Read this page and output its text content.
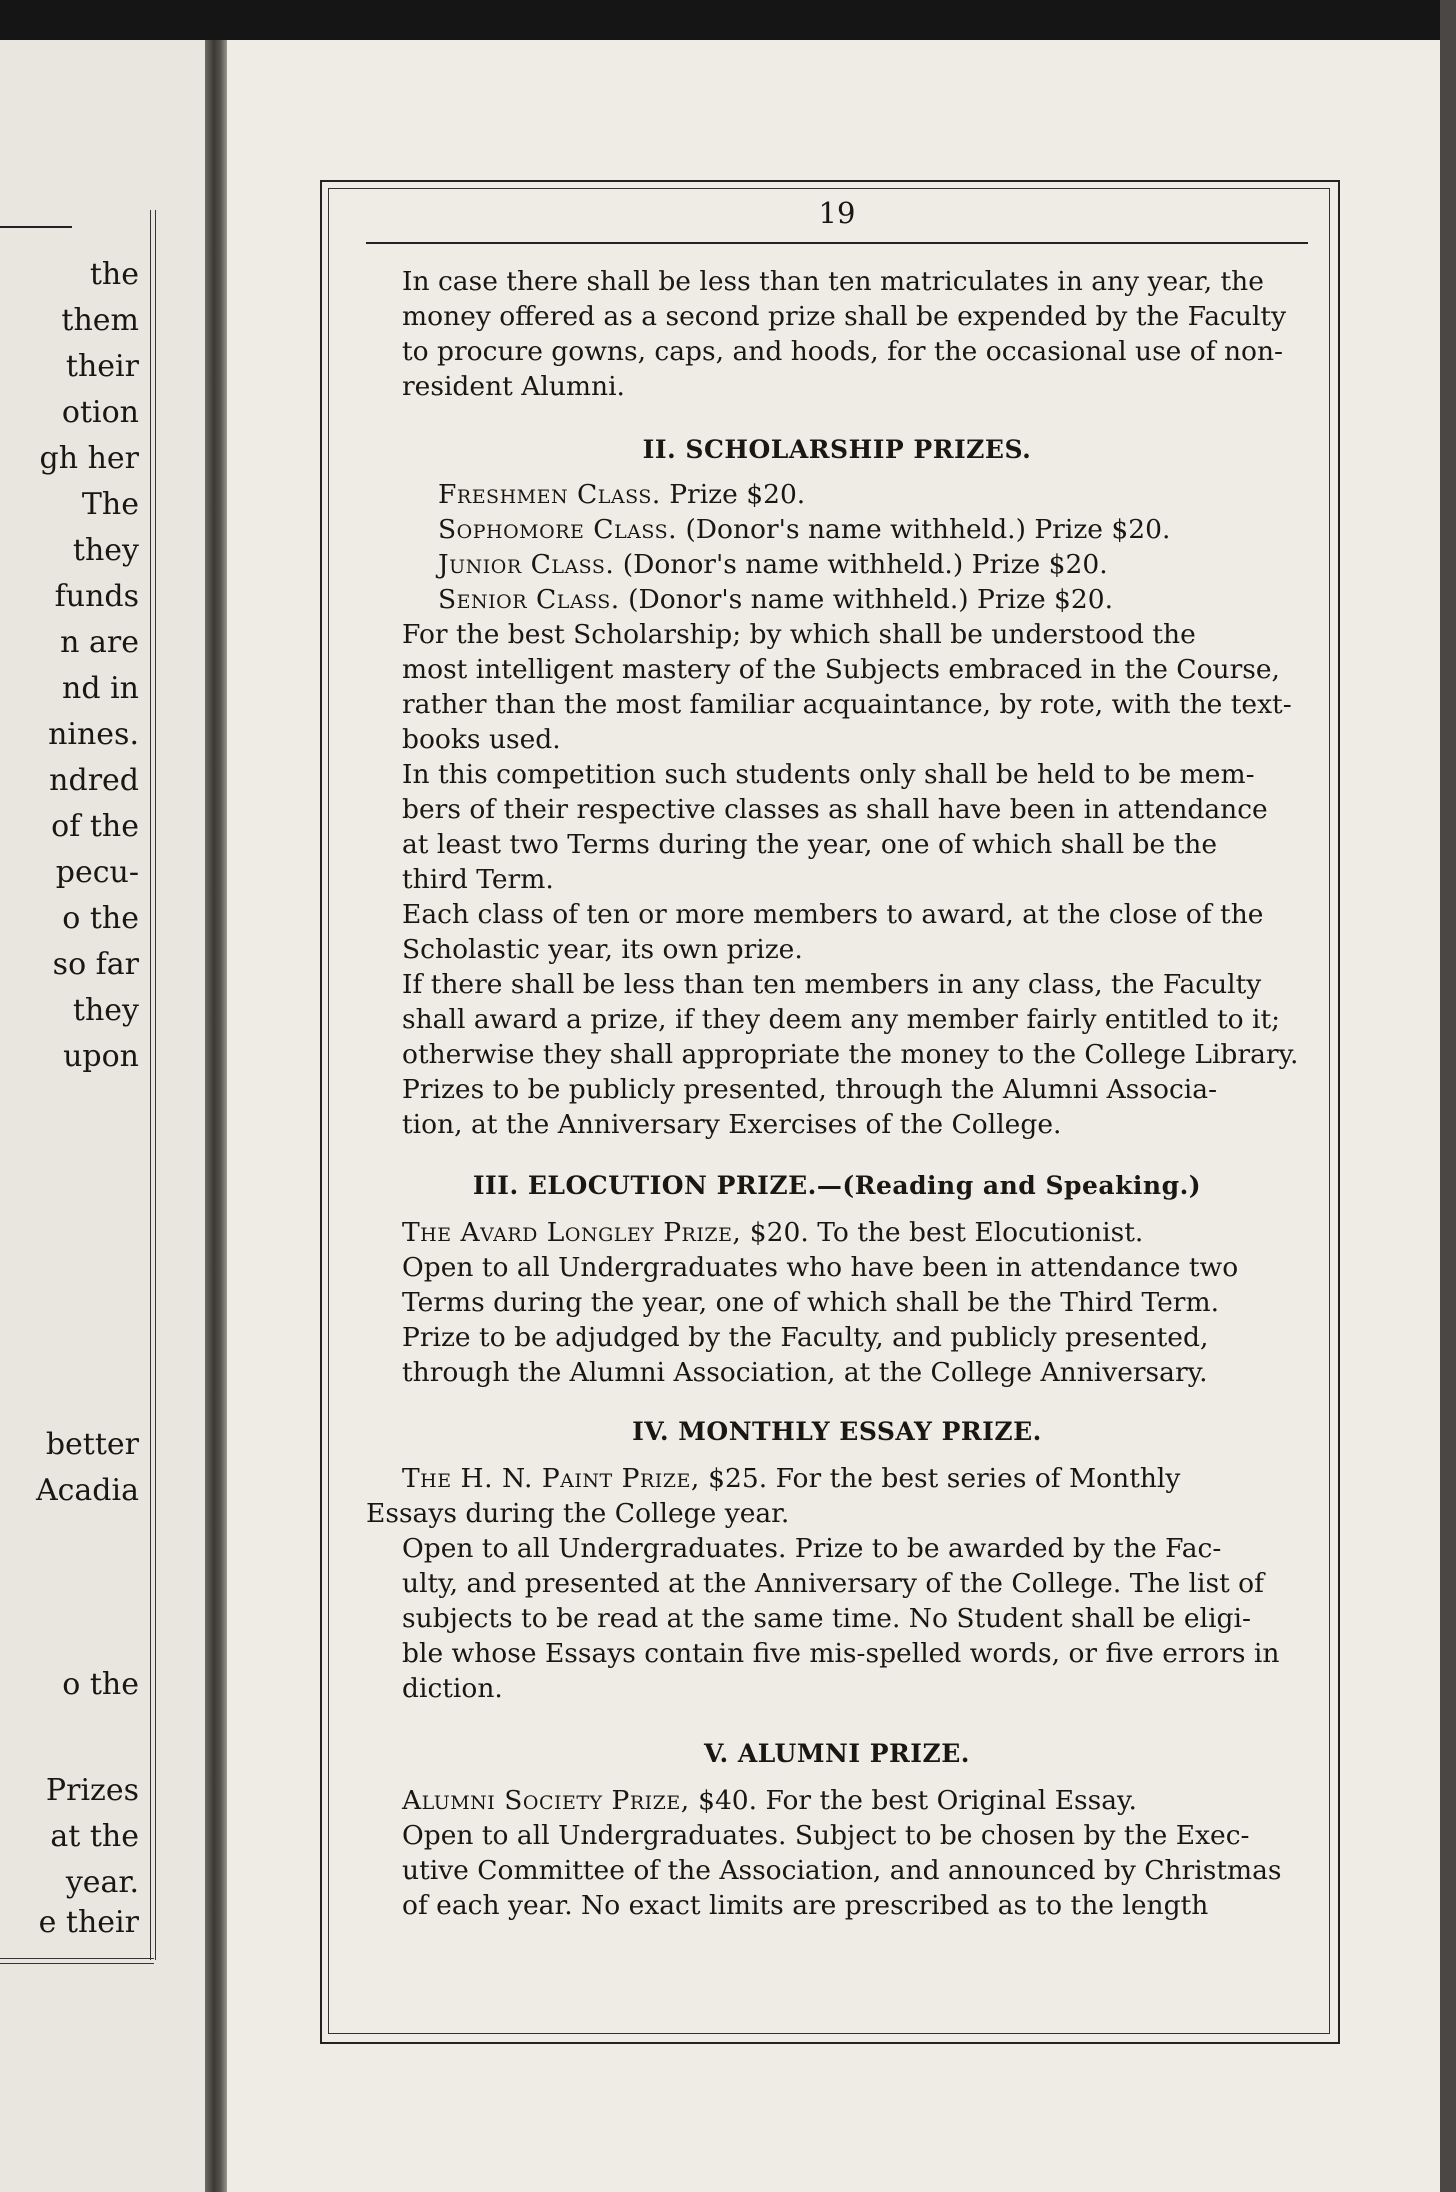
the
them
their
otion
gh her
The
they
funds
n are
nd in
nines.
ndred
of the
pecu-
o the
so far
they
upon
better
Acadia
o the
Prizes
at the
year.
e their
19

In case there shall be less than ten matriculates in any year, the
money offered as a second prize shall be expended by the Faculty
to procure gowns, caps, and hoods, for the occasional use of non-
resident Alumni.

II. SCHOLARSHIP PRIZES.

Freshmen Class. Prize $20.

Sophomore Class. (Donor's name withheld.) Prize $20.

Junior Class. (Donor's name withheld.) Prize $20.

Senior Class. (Donor's name withheld.) Prize $20.

For the best Scholarship; by which shall be understood the
most intelligent mastery of the Subjects embraced in the Course,
rather than the most familiar acquaintance, by rote, with the text-
books used.

In this competition such students only shall be held to be mem-
bers of their respective classes as shall have been in attendance
at least two Terms during the year, one of which shall be the
third Term.

Each class of ten or more members to award, at the close of the
Scholastic year, its own prize.

If there shall be less than ten members in any class, the Faculty
shall award a prize, if they deem any member fairly entitled to it;
otherwise they shall appropriate the money to the College Library.

Prizes to be publicly presented, through the Alumni Associa-
tion, at the Anniversary Exercises of the College.

III. ELOCUTION PRIZE.—(Reading and Speaking.)

The Avard Longley Prize, $20. To the best Elocutionist.

Open to all Undergraduates who have been in attendance two
Terms during the year, one of which shall be the Third Term.

Prize to be adjudged by the Faculty, and publicly presented,
through the Alumni Association, at the College Anniversary.

IV. MONTHLY ESSAY PRIZE.

The H. N. Paint Prize, $25. For the best series of Monthly
Essays during the College year.

Open to all Undergraduates. Prize to be awarded by the Fac-
ulty, and presented at the Anniversary of the College. The list of
subjects to be read at the same time. No Student shall be eligi-
ble whose Essays contain five mis-spelled words, or five errors in
diction.

V. ALUMNI PRIZE.

Alumni Society Prize, $40. For the best Original Essay.

Open to all Undergraduates. Subject to be chosen by the Exec-
utive Committee of the Association, and announced by Christmas
of each year. No exact limits are prescribed as to the length
